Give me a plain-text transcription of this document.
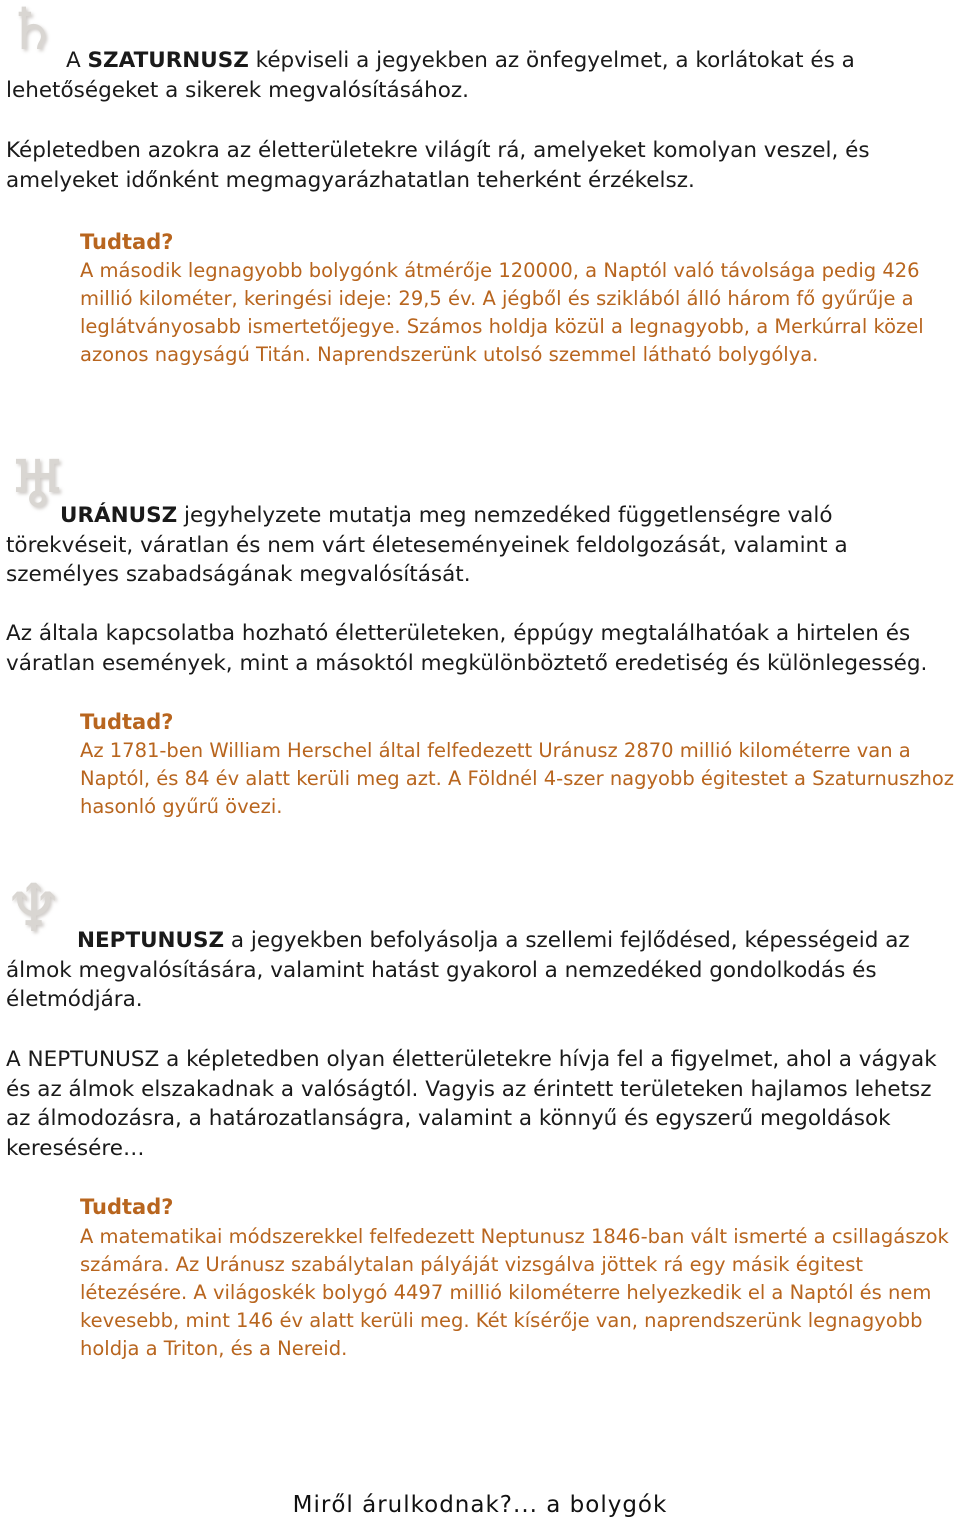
♄ A SZATURNUSZ képviseli a jegyekben az önfegyelmet, a korlátokat és a lehetőségeket a sikerek megvalósításához.

Képletedben azokra az életterületekre világít rá, amelyeket komolyan veszel, és amelyeket időnként megmagyarázhatatlan teherként érzékelsz.

Tudtad?

A második legnagyobb bolygónk átmérője 120000, a Naptól való távolsága pedig 426 millió kilométer, keringési ideje: 29,5 év. A jégből és sziklából álló három fő gyűrűje a leglátványosabb ismertetőjegye. Számos holdja közül a legnagyobb, a Merkúrral közel azonos nagyságú Titán. Naprendszerünk utolsó szemmel látható bolygólya.

♅

URÁNUSZ jegyhelyzete mutatja meg nemzedéked függetlenségre való törekvéseit, váratlan és nem várt életeseményeinek feldolgozását, valamint a személyes szabadságának megvalósítását.

Az általa kapcsolatba hozható életterületeken, éppúgy megtalálhatóak a hirtelen és váratlan események, mint a másoktól megkülönböztető eredetiség és különlegesség.

Tudtad?

Az 1781-ben William Herschel által felfedezett Uránusz 2870 millió kilométerre van a Naptól, és 84 év alatt kerüli meg azt. A Földnél 4-szer nagyobb égitestet a Szaturnuszhoz hasonló gyűrű övezi.

♆ NEPTUNUSZ a jegyekben befolyásolja a szellemi fejlődésed, képességeid az álmok megvalósítására, valamint hatást gyakorol a nemzedéked gondolkodás és életmódjára.

A NEPTUNUSZ a képletedben olyan életterületekre hívja fel a figyelmet, ahol a vágyak és az álmok elszakadnak a valóságtól. Vagyis az érintett területeken hajlamos lehetsz az álmodozásra, a határozatlanságra, valamint a könnyű és egyszerű megoldások keresésére…

Tudtad?

A matematikai módszerekkel felfedezett Neptunusz 1846-ban vált ismerté a csillagászok számára. Az Uránusz szabálytalan pályáját vizsgálva jöttek rá egy másik égitest létezésére. A világoskék bolygó 4497 millió kilométerre helyezkedik el a Naptól és nem kevesebb, mint 146 év alatt kerüli meg. Két kísérője van, naprendszerünk legnagyobb holdja a Triton, és a Nereid.

Miről árulkodnak?... a bolygók
